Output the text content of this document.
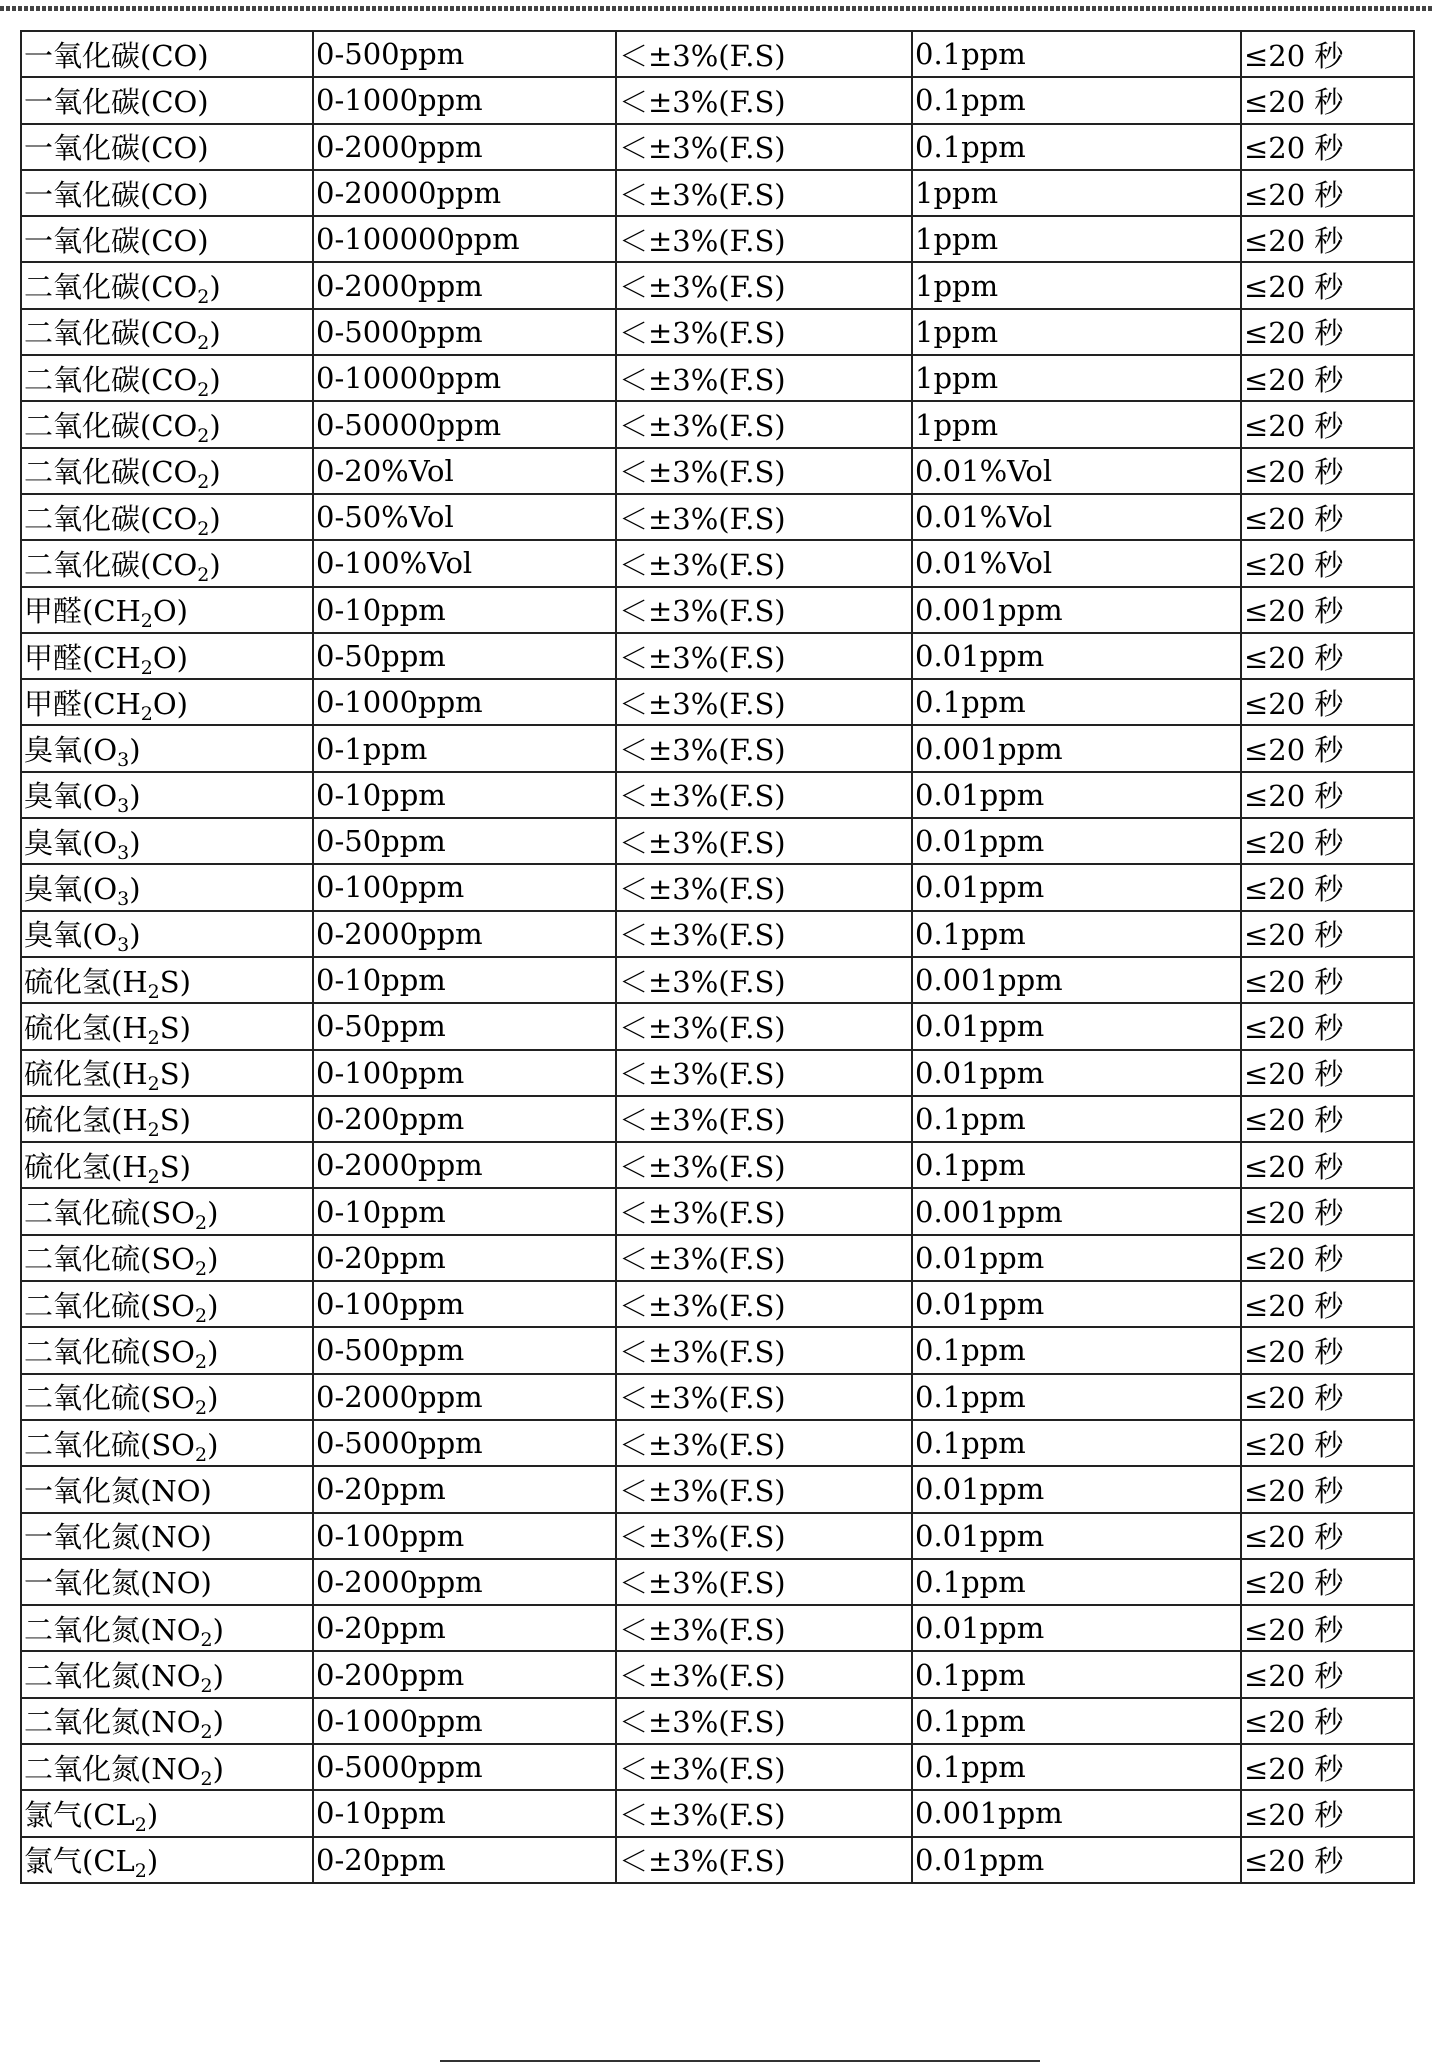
一氧化碳(CO)	0-500ppm	＜±3%(F.S)	0.1ppm	≤20 秒
一氧化碳(CO)	0-1000ppm	＜±3%(F.S)	0.1ppm	≤20 秒
一氧化碳(CO)	0-2000ppm	＜±3%(F.S)	0.1ppm	≤20 秒
一氧化碳(CO)	0-20000ppm	＜±3%(F.S)	1ppm	≤20 秒
一氧化碳(CO)	0-100000ppm	＜±3%(F.S)	1ppm	≤20 秒
二氧化碳$(CO_2)$	0-2000ppm	＜±3%(F.S)	1ppm	≤20 秒
二氧化碳$(CO_2)$	0-5000ppm	＜±3%(F.S)	1ppm	≤20 秒
二氧化碳$(CO_2)$	0-10000ppm	＜±3%(F.S)	1ppm	≤20 秒
二氧化碳$(CO_2)$	0-50000ppm	＜±3%(F.S)	1ppm	≤20 秒
二氧化碳$(CO_2)$	0-20%Vol	＜±3%(F.S)	0.01%Vol	≤20 秒
二氧化碳$(CO_2)$	0-50%Vol	＜±3%(F.S)	0.01%Vol	≤20 秒
二氧化碳$(CO_2)$	0-100%Vol	＜±3%(F.S)	0.01%Vol	≤20 秒
甲醛$(CH_2O)$	0-10ppm	＜±3%(F.S)	0.001ppm	≤20 秒
甲醛$(CH_2O)$	0-50ppm	＜±3%(F.S)	0.01ppm	≤20 秒
甲醛$(CH_2O)$	0-1000ppm	＜±3%(F.S)	0.1ppm	≤20 秒
臭氧$(O_3)$	0-1ppm	＜±3%(F.S)	0.001ppm	≤20 秒
臭氧$(O_3)$	0-10ppm	＜±3%(F.S)	0.01ppm	≤20 秒
臭氧$(O_3)$	0-50ppm	＜±3%(F.S)	0.01ppm	≤20 秒
臭氧$(O_3)$	0-100ppm	＜±3%(F.S)	0.01ppm	≤20 秒
臭氧$(O_3)$	0-2000ppm	＜±3%(F.S)	0.1ppm	≤20 秒
硫化氢$(H_2S)$	0-10ppm	＜±3%(F.S)	0.001ppm	≤20 秒
硫化氢$(H_2S)$	0-50ppm	＜±3%(F.S)	0.01ppm	≤20 秒
硫化氢$(H_2S)$	0-100ppm	＜±3%(F.S)	0.01ppm	≤20 秒
硫化氢$(H_2S)$	0-200ppm	＜±3%(F.S)	0.1ppm	≤20 秒
硫化氢$(H_2S)$	0-2000ppm	＜±3%(F.S)	0.1ppm	≤20 秒
二氧化硫$(SO_2)$	0-10ppm	＜±3%(F.S)	0.001ppm	≤20 秒
二氧化硫$(SO_2)$	0-20ppm	＜±3%(F.S)	0.01ppm	≤20 秒
二氧化硫$(SO_2)$	0-100ppm	＜±3%(F.S)	0.01ppm	≤20 秒
二氧化硫$(SO_2)$	0-500ppm	＜±3%(F.S)	0.1ppm	≤20 秒
二氧化硫$(SO_2)$	0-2000ppm	＜±3%(F.S)	0.1ppm	≤20 秒
二氧化硫$(SO_2)$	0-5000ppm	＜±3%(F.S)	0.1ppm	≤20 秒
一氧化氮(NO)	0-20ppm	＜±3%(F.S)	0.01ppm	≤20 秒
一氧化氮(NO)	0-100ppm	＜±3%(F.S)	0.01ppm	≤20 秒
一氧化氮(NO)	0-2000ppm	＜±3%(F.S)	0.1ppm	≤20 秒
二氧化氮$(NO_2)$	0-20ppm	＜±3%(F.S)	0.01ppm	≤20 秒
二氧化氮$(NO_2)$	0-200ppm	＜±3%(F.S)	0.1ppm	≤20 秒
二氧化氮$(NO_2)$	0-1000ppm	＜±3%(F.S)	0.1ppm	≤20 秒
二氧化氮$(NO_2)$	0-5000ppm	＜±3%(F.S)	0.1ppm	≤20 秒
氯气$(CL_2)$	0-10ppm	＜±3%(F.S)	0.001ppm	≤20 秒
氯气$(CL_2)$	0-20ppm	＜±3%(F.S)	0.01ppm	≤20 秒
